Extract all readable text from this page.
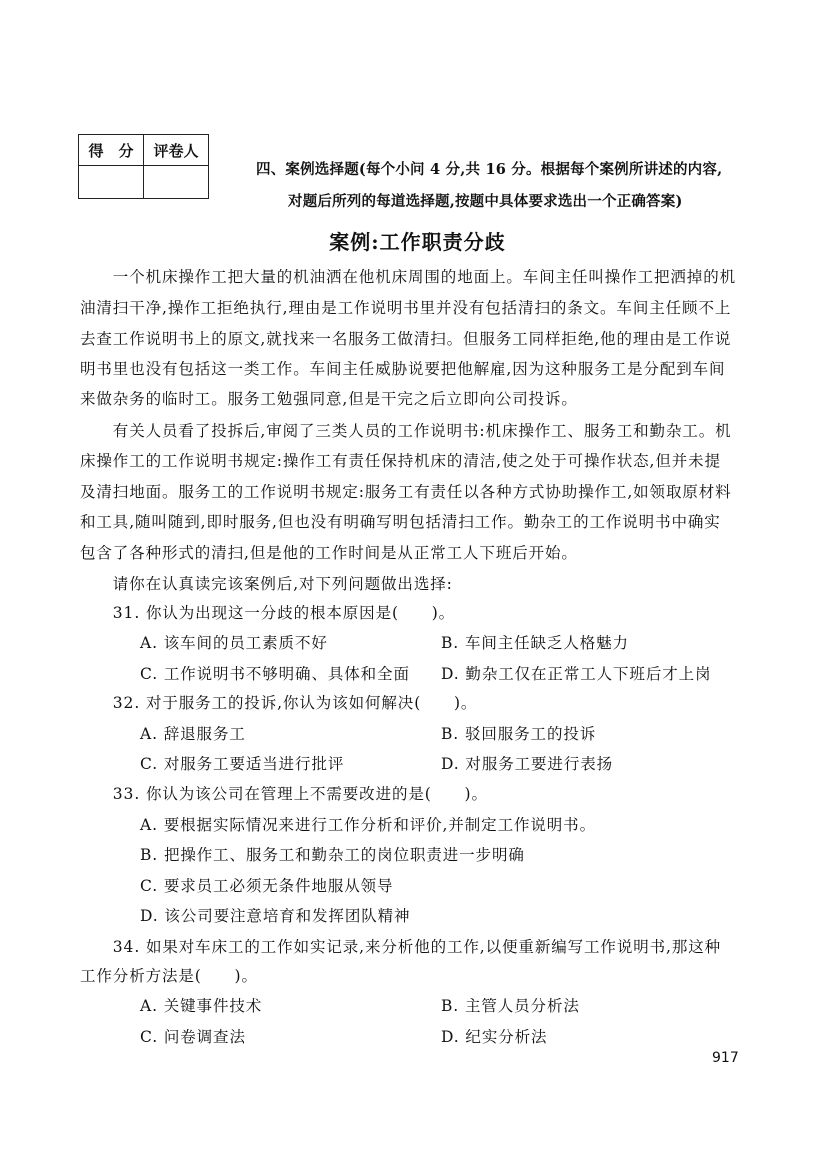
得　分	评卷人

四、案例选择题(每个小问 4 分,共 16 分。根据每个案例所讲述的内容,
对题后所列的每道选择题,按题中具体要求选出一个正确答案)
案例:工作职责分歧
　　一个机床操作工把大量的机油洒在他机床周围的地面上。车间主任叫操作工把洒掉的机
油清扫干净,操作工拒绝执行,理由是工作说明书里并没有包括清扫的条文。车间主任顾不上
去查工作说明书上的原文,就找来一名服务工做清扫。但服务工同样拒绝,他的理由是工作说
明书里也没有包括这一类工作。车间主任威胁说要把他解雇,因为这种服务工是分配到车间
来做杂务的临时工。服务工勉强同意,但是干完之后立即向公司投诉。
　　有关人员看了投拆后,审阅了三类人员的工作说明书:机床操作工、服务工和勤杂工。机
床操作工的工作说明书规定:操作工有责任保持机床的清洁,使之处于可操作状态,但并未提
及清扫地面。服务工的工作说明书规定:服务工有责任以各种方式协助操作工,如领取原材料
和工具,随叫随到,即时服务,但也没有明确写明包括清扫工作。勤杂工的工作说明书中确实
包含了各种形式的清扫,但是他的工作时间是从正常工人下班后开始。
　　请你在认真读完该案例后,对下列问题做出选择:
　　31. 你认为出现这一分歧的根本原因是(　　)。
A. 该车间的员工素质不好	B. 车间主任缺乏人格魅力
C. 工作说明书不够明确、具体和全面 D. 勤杂工仅在正常工人下班后才上岗
　　32. 对于服务工的投诉,你认为该如何解决(　　)。
A. 辞退服务工	B. 驳回服务工的投诉
C. 对服务工要适当进行批评	D. 对服务工要进行表扬
　　33. 你认为该公司在管理上不需要改进的是(　　)。
A. 要根据实际情况来进行工作分析和评价,并制定工作说明书。
B. 把操作工、服务工和勤杂工的岗位职责进一步明确
C. 要求员工必须无条件地服从领导
D. 该公司要注意培育和发挥团队精神
　　34. 如果对车床工的工作如实记录,来分析他的工作,以便重新编写工作说明书,那这种
工作分析方法是(　　)。
A. 关键事件技术	B. 主管人员分析法
C. 问卷调查法	D. 纪实分析法
917
